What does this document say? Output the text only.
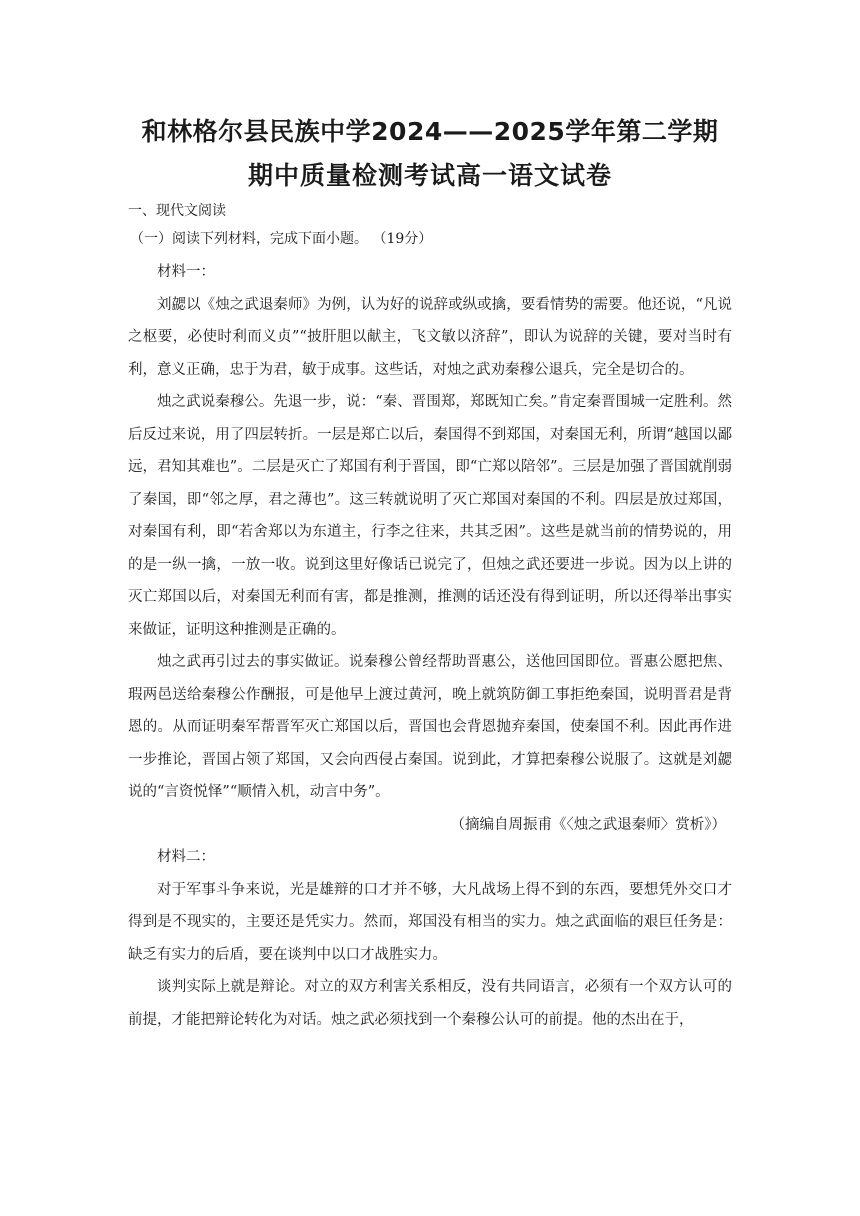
和林格尔县民族中学2024——2025学年第二学期
期中质量检测考试高一语文试卷
一、现代文阅读
（一）阅读下列材料，完成下面小题。 （19分）

材料一：

刘勰以《烛之武退秦师》为例，认为好的说辞或纵或擒，要看情势的需要。他还说，“凡说之枢要，必使时利而义贞”“披肝胆以献主，飞文敏以济辞”，即认为说辞的关键，要对当时有利，意义正确，忠于为君，敏于成事。这些话，对烛之武劝秦穆公退兵，完全是切合的。

烛之武说秦穆公。先退一步，说：“秦、晋围郑，郑既知亡矣。”肯定秦晋围城一定胜利。然后反过来说，用了四层转折。一层是郑亡以后，秦国得不到郑国，对秦国无利，所谓“越国以鄙远，君知其难也”。二层是灭亡了郑国有利于晋国，即“亡郑以陪邻”。三层是加强了晋国就削弱了秦国，即“邻之厚，君之薄也”。这三转就说明了灭亡郑国对秦国的不利。四层是放过郑国，对秦国有利，即“若舍郑以为东道主，行李之往来，共其乏困”。这些是就当前的情势说的，用的是一纵一擒，一放一收。说到这里好像话已说完了，但烛之武还要进一步说。因为以上讲的灭亡郑国以后，对秦国无利而有害，都是推测，推测的话还没有得到证明，所以还得举出事实来做证，证明这种推测是正确的。

烛之武再引过去的事实做证。说秦穆公曾经帮助晋惠公，送他回国即位。晋惠公愿把焦、瑕两邑送给秦穆公作酬报，可是他早上渡过黄河，晚上就筑防御工事拒绝秦国，说明晋君是背恩的。从而证明秦军帮晋军灭亡郑国以后，晋国也会背恩抛弃秦国，使秦国不利。因此再作进一步推论，晋国占领了郑国，又会向西侵占秦国。说到此，才算把秦穆公说服了。这就是刘勰说的“言资悦怿”“顺情入机，动言中务”。

（摘编自周振甫《〈烛之武退秦师〉赏析》）

材料二：

对于军事斗争来说，光是雄辩的口才并不够，大凡战场上得不到的东西，要想凭外交口才得到是不现实的，主要还是凭实力。然而，郑国没有相当的实力。烛之武面临的艰巨任务是：缺乏有实力的后盾，要在谈判中以口才战胜实力。

谈判实际上就是辩论。对立的双方利害关系相反，没有共同语言，必须有一个双方认可的前提，才能把辩论转化为对话。烛之武必须找到一个秦穆公认可的前提。他的杰出在于，
